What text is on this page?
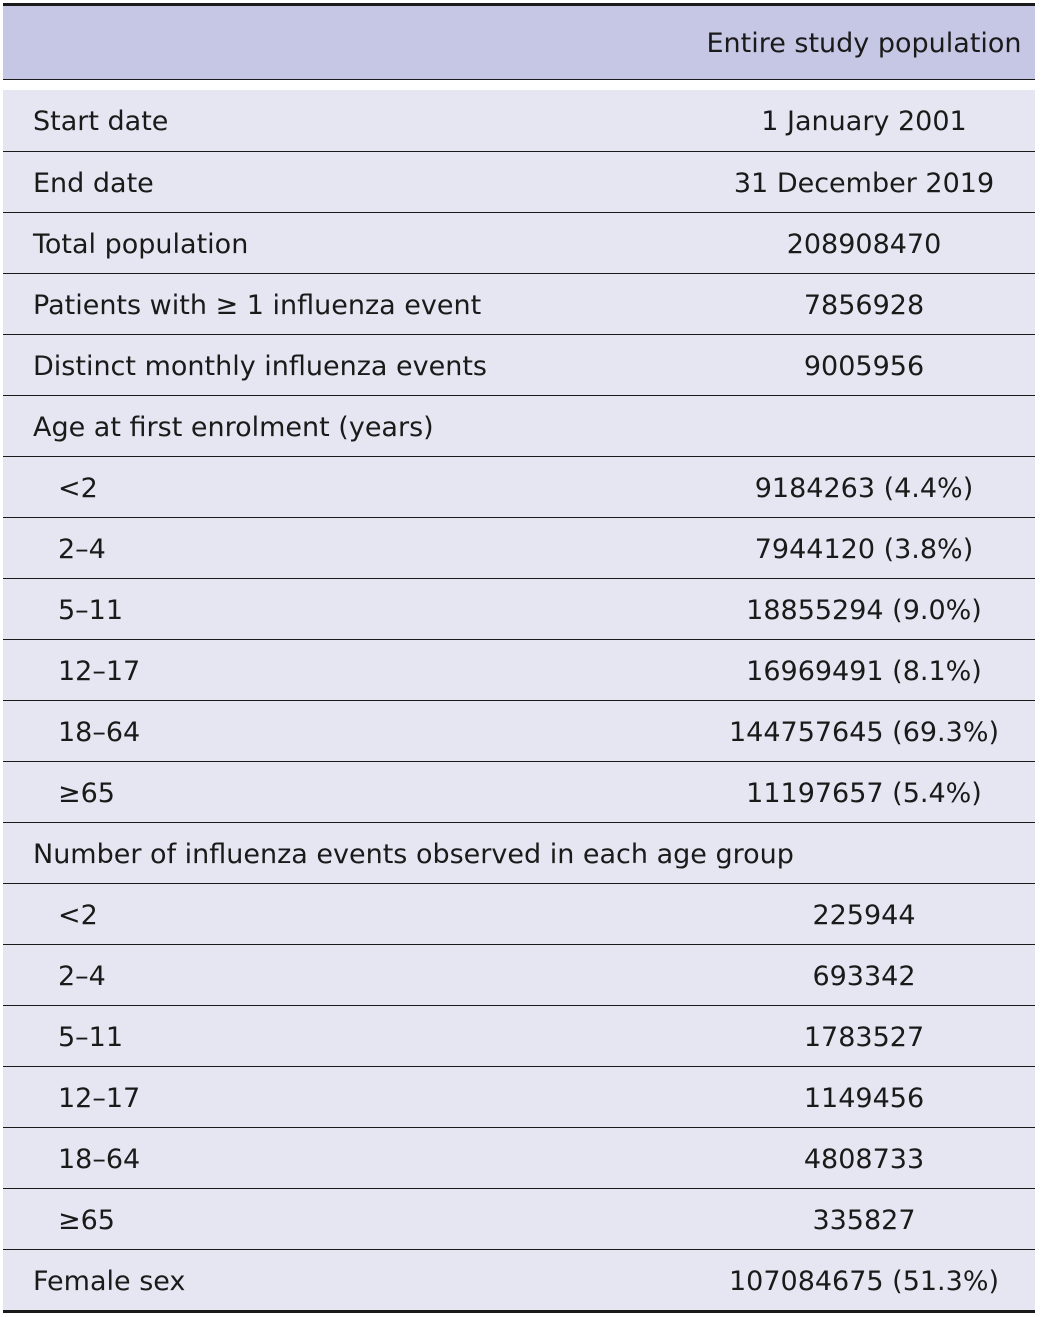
Entire study population
Start date	1 January 2001
End date	31 December 2019
Total population	208908470
Patients with ≥ 1 influenza event	7856928
Distinct monthly influenza events	9005956
Age at first enrolment (years)
<2	9184263 (4.4%)
2–4	7944120 (3.8%)
5–11	18855294 (9.0%)
12–17	16969491 (8.1%)
18–64	144757645 (69.3%)
≥65	11197657 (5.4%)
Number of influenza events observed in each age group
<2	225944
2–4	693342
5–11	1783527
12–17	1149456
18–64	4808733
≥65	335827
Female sex	107084675 (51.3%)
